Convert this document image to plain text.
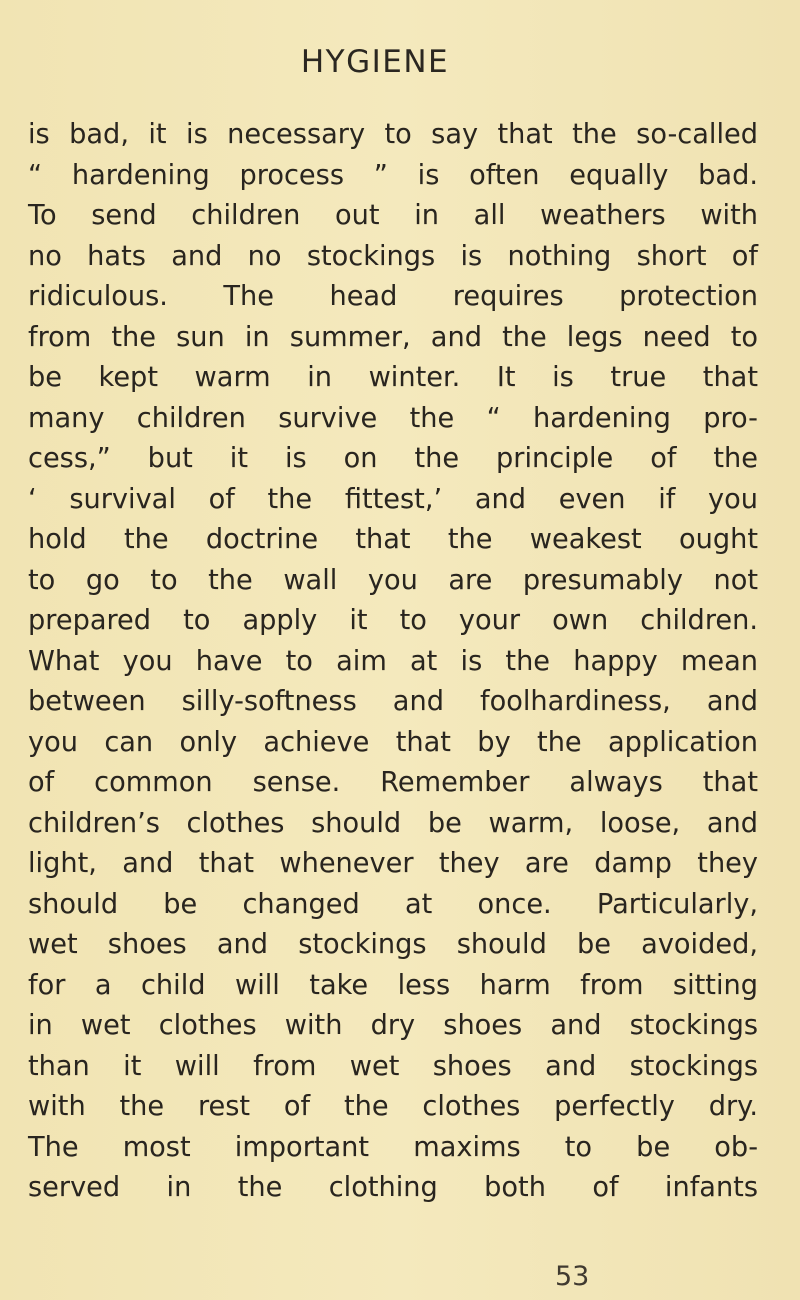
HYGIENE
is bad, it is necessary to say that the so-called
“ hardening process ” is often equally bad.
To send children out in all weathers with
no hats and no stockings is nothing short of
ridiculous. The head requires protection
from the sun in summer, and the legs need to
be kept warm in winter. It is true that
many children survive the “ hardening pro-
cess,” but it is on the principle of the
‘ survival of the fittest,’ and even if you
hold the doctrine that the weakest ought
to go to the wall you are presumably not
prepared to apply it to your own children.
What you have to aim at is the happy mean
between silly-softness and foolhardiness, and
you can only achieve that by the application
of common sense. Remember always that
children’s clothes should be warm, loose, and
light, and that whenever they are damp they
should be changed at once. Particularly,
wet shoes and stockings should be avoided,
for a child will take less harm from sitting
in wet clothes with dry shoes and stockings
than it will from wet shoes and stockings
with the rest of the clothes perfectly dry.
The most important maxims to be ob-
served in the clothing both of infants
53
